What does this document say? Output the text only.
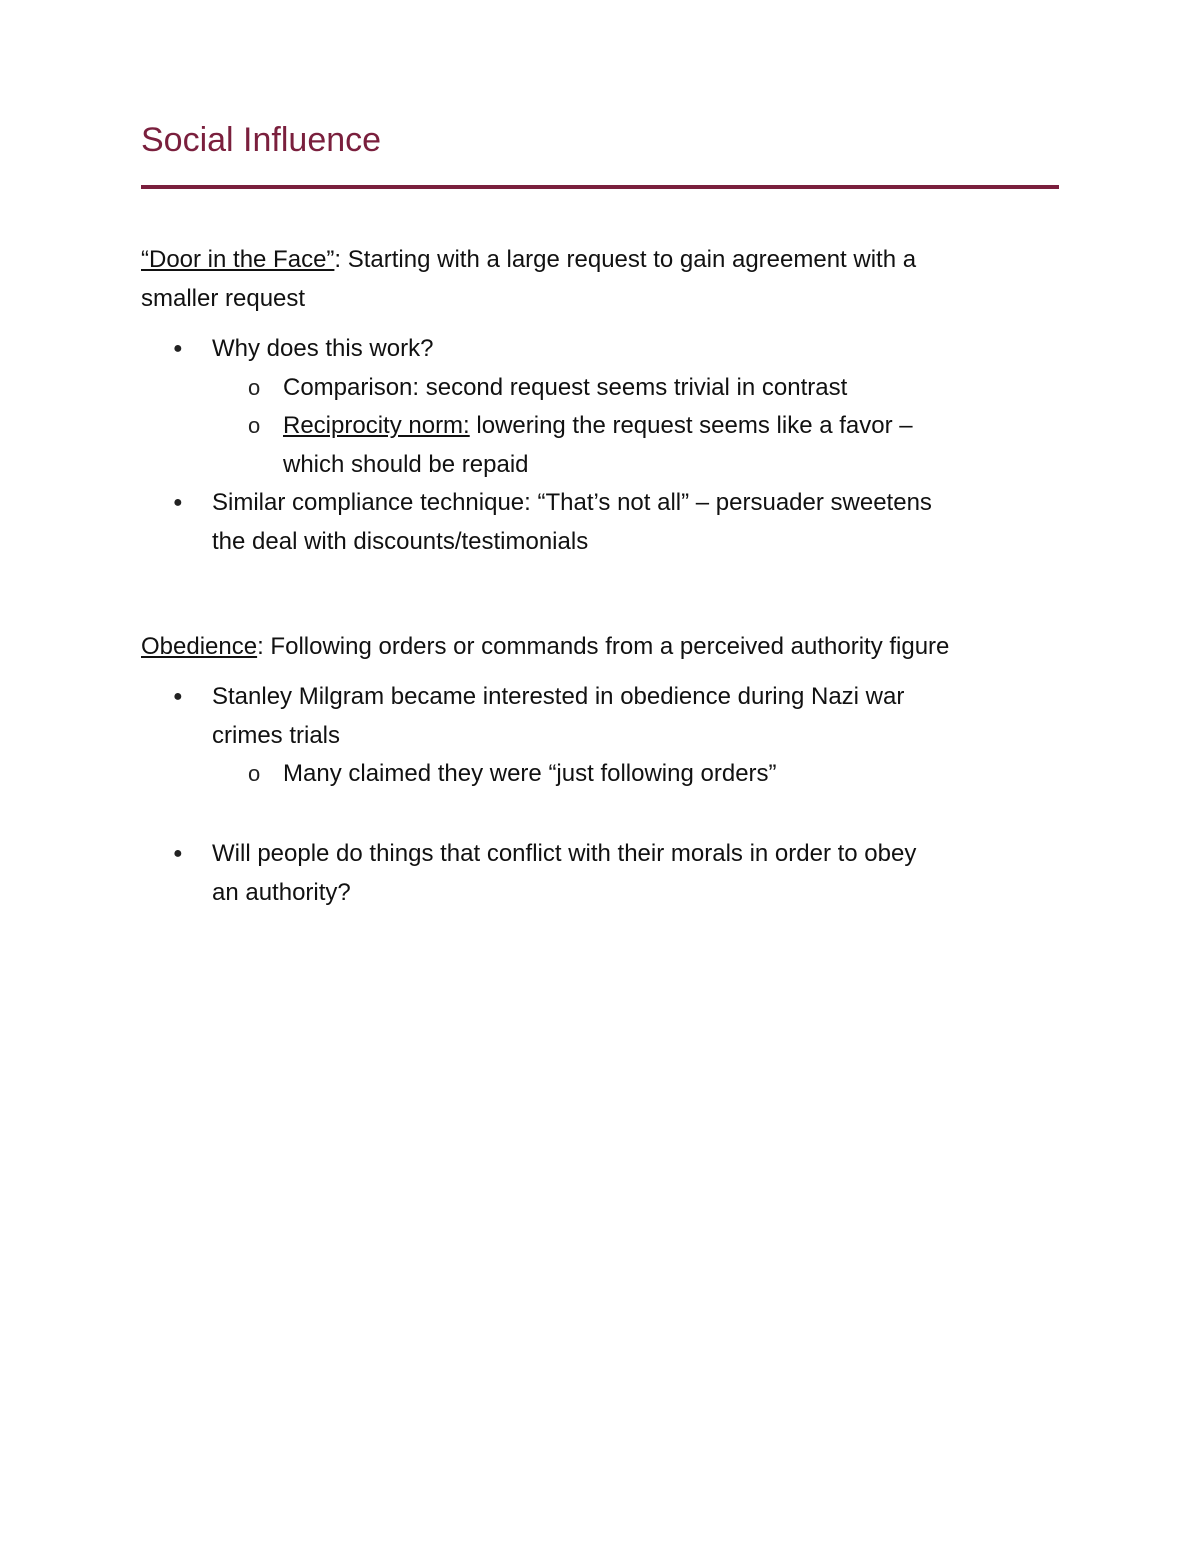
Social Influence
“Door in the Face”: Starting with a large request to gain agreement with a
smaller request
● Why does this work?
o Comparison: second request seems trivial in contrast
o Reciprocity norm: lowering the request seems like a favor –
which should be repaid
● Similar compliance technique: “That’s not all” – persuader sweetens
the deal with discounts/testimonials
Obedience: Following orders or commands from a perceived authority figure
● Stanley Milgram became interested in obedience during Nazi war
crimes trials
o Many claimed they were “just following orders”
● Will people do things that conflict with their morals in order to obey
an authority?
